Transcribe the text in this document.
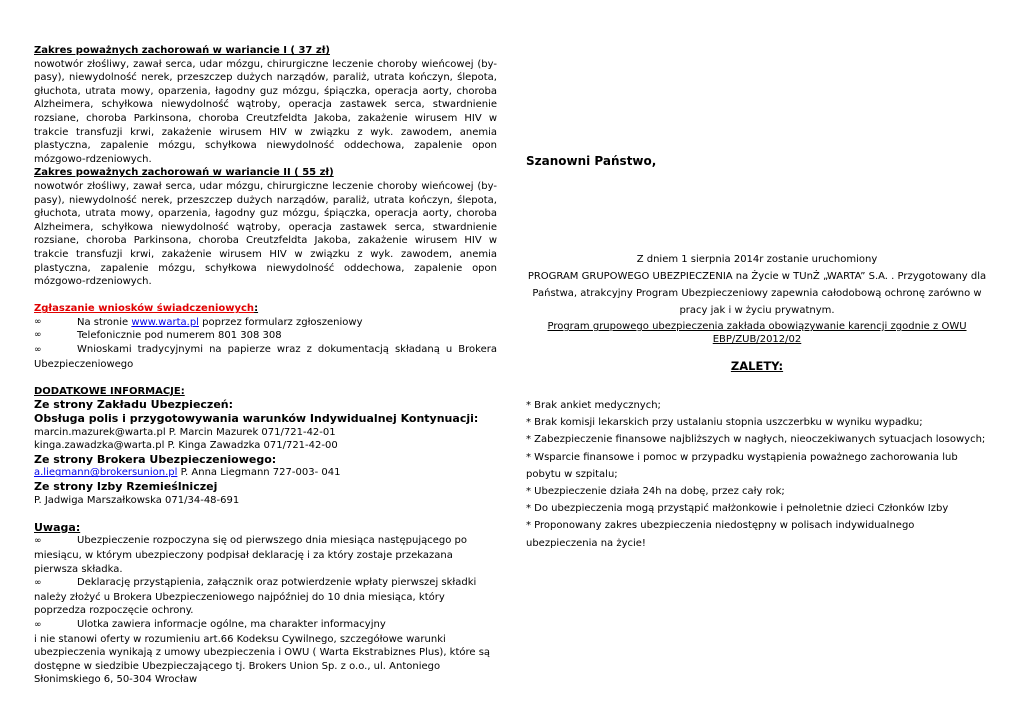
Zakres poważnych zachorowań w wariancie I ( 37 zł)
nowotwór złośliwy, zawał serca, udar mózgu, chirurgiczne leczenie choroby wieńcowej (by-pasy), niewydolność nerek, przeszczep dużych narządów, paraliż, utrata kończyn, ślepota, głuchota, utrata mowy, oparzenia, łagodny guz mózgu, śpiączka, operacja aorty, choroba Alzheimera, schyłkowa niewydolność wątroby, operacja zastawek serca, stwardnienie rozsiane, choroba Parkinsona, choroba Creutzfeldta Jakoba, zakażenie wirusem HIV w trakcie transfuzji krwi, zakażenie wirusem HIV w związku z wyk. zawodem, anemia plastyczna, zapalenie mózgu, schyłkowa niewydolność oddechowa, zapalenie opon mózgowo-rdzeniowych.
Zakres poważnych zachorowań w wariancie II ( 55 zł)
nowotwór złośliwy, zawał serca, udar mózgu, chirurgiczne leczenie choroby wieńcowej (by-pasy), niewydolność nerek, przeszczep dużych narządów, paraliż, utrata kończyn, ślepota, głuchota, utrata mowy, oparzenia, łagodny guz mózgu, śpiączka, operacja aorty, choroba Alzheimera, schyłkowa niewydolność wątroby, operacja zastawek serca, stwardnienie rozsiane, choroba Parkinsona, choroba Creutzfeldta Jakoba, zakażenie wirusem HIV w trakcie transfuzji krwi, zakażenie wirusem HIV w związku z wyk. zawodem, anemia plastyczna, zapalenie mózgu, schyłkowa niewydolność oddechowa, zapalenie opon mózgowo-rdzeniowych.
Zgłaszanie wniosków świadczeniowych:
∞	Na stronie www.warta.pl poprzez formularz zgłoszeniowy
∞	Telefonicznie pod numerem 801 308 308
∞	Wnioskami tradycyjnymi na papierze wraz z dokumentacją składaną u Brokera Ubezpieczeniowego
DODATKOWE INFORMACJE:
Ze strony Zakładu Ubezpieczeń:
Obsługa polis i przygotowywania warunków Indywidualnej Kontynuacji:
marcin.mazurek@warta.pl P. Marcin Mazurek 071/721-42-01
kinga.zawadzka@warta.pl P. Kinga Zawadzka 071/721-42-00
Ze strony Brokera Ubezpieczeniowego:
a.liegmann@brokersunion.pl P. Anna Liegmann 727-003- 041
Ze strony Izby Rzemieślniczej
P. Jadwiga Marszałkowska 071/34-48-691
Uwaga:
∞	Ubezpieczenie rozpoczyna się od pierwszego dnia miesiąca następującego po
miesiącu, w którym ubezpieczony podpisał deklarację i za który zostaje przekazana pierwsza składka.
∞	Deklarację przystąpienia, załącznik oraz potwierdzenie wpłaty pierwszej składki
należy złożyć u Brokera Ubezpieczeniowego najpóźniej do 10 dnia miesiąca, który poprzedza rozpoczęcie ochrony.
∞	Ulotka zawiera informacje ogólne, ma charakter informacyjny
i nie stanowi oferty w rozumieniu art.66 Kodeksu Cywilnego, szczegółowe warunki ubezpieczenia wynikają z umowy ubezpieczenia i OWU ( Warta Ekstrabiznes Plus), które są dostępne w siedzibie Ubezpieczającego tj. Brokers Union Sp. z o.o., ul. Antoniego Słonimskiego 6, 50-304 Wrocław
Szanowni Państwo,
Z dniem 1 sierpnia 2014r zostanie uruchomiony
PROGRAM GRUPOWEGO UBEZPIECZENIA na Życie w TUnŻ „WARTA” S.A. . Przygotowany dla
Państwa, atrakcyjny Program Ubezpieczeniowy zapewnia całodobową ochronę zarówno w
pracy jak i w życiu prywatnym.
Program grupowego ubezpieczenia zakłada obowiązywanie karencji zgodnie z OWU
EBP/ZUB/2012/02
ZALETY:
* Brak ankiet medycznych;
* Brak komisji lekarskich przy ustalaniu stopnia uszczerbku w wyniku wypadku;
* Zabezpieczenie finansowe najbliższych w nagłych, nieoczekiwanych sytuacjach losowych;
* Wsparcie finansowe i pomoc w przypadku wystąpienia poważnego zachorowania lub pobytu w szpitalu;
* Ubezpieczenie działa 24h na dobę, przez cały rok;
* Do ubezpieczenia mogą przystąpić małżonkowie i pełnoletnie dzieci Członków Izby
* Proponowany zakres ubezpieczenia niedostępny w polisach indywidualnego ubezpieczenia na życie!
